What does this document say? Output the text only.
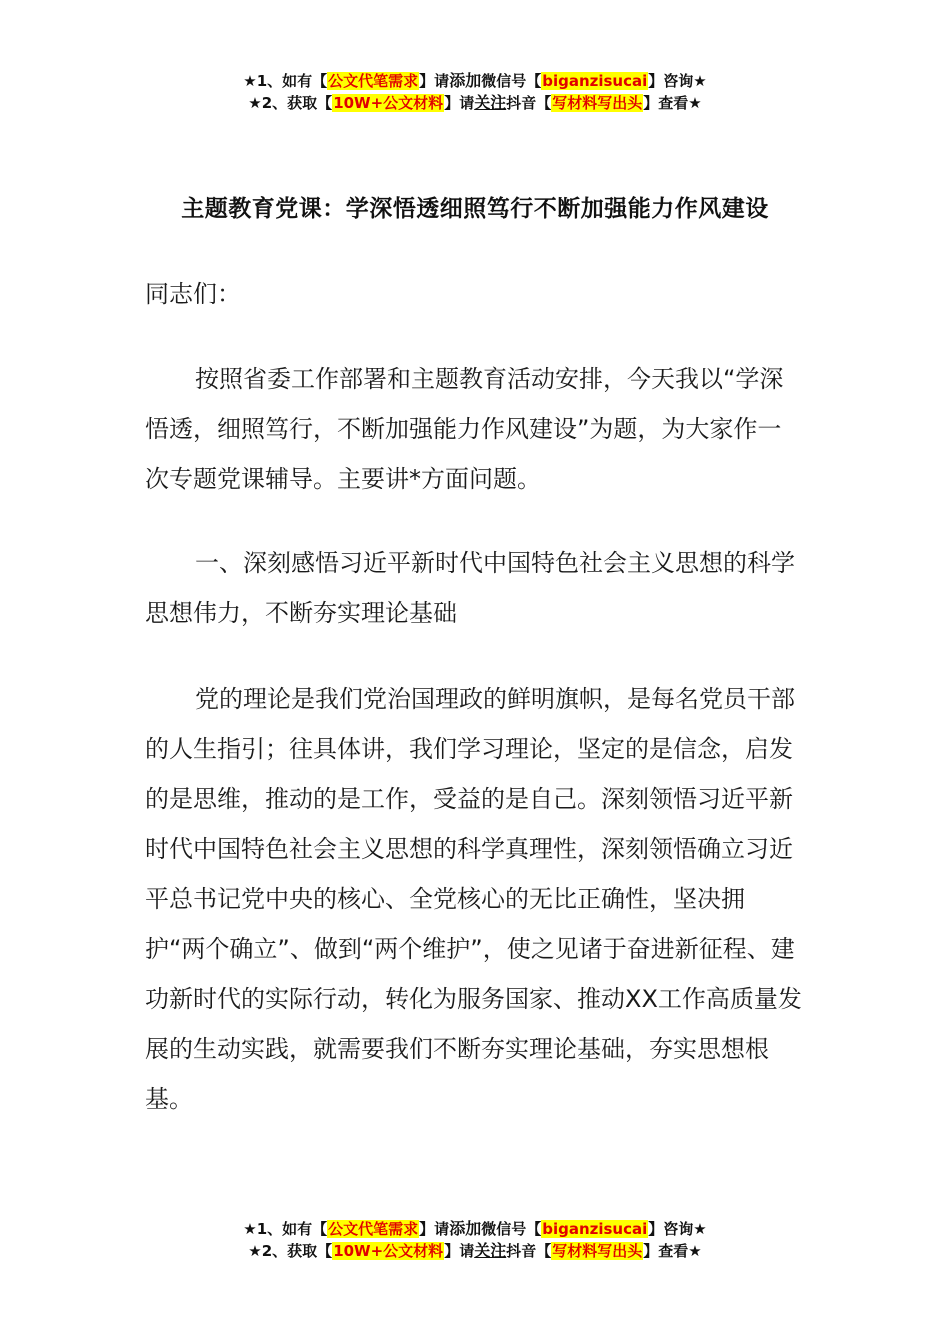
★1、如有【公文代笔需求】请添加微信号【biganzisucai】咨询★
★2、获取【10W+公文材料】请关注抖音【写材料写出头】查看★
主题教育党课：学深悟透细照笃行不断加强能力作风建设

同志们：

按照省委工作部署和主题教育活动安排，今天我以“学深悟透，细照笃行，不断加强能力作风建设”为题，为大家作一次专题党课辅导。主要讲*方面问题。

一、深刻感悟习近平新时代中国特色社会主义思想的科学思想伟力，不断夯实理论基础

党的理论是我们党治国理政的鲜明旗帜，是每名党员干部的人生指引；往具体讲，我们学习理论，坚定的是信念，启发的是思维，推动的是工作，受益的是自己。深刻领悟习近平新时代中国特色社会主义思想的科学真理性，深刻领悟确立习近平总书记党中央的核心、全党核心的无比正确性，坚决拥护“两个确立”、做到“两个维护”，使之见诸于奋进新征程、建功新时代的实际行动，转化为服务国家、推动XX工作高质量发展的生动实践，就需要我们不断夯实理论基础，夯实思想根基。

★1、如有【公文代笔需求】请添加微信号【biganzisucai】咨询★
★2、获取【10W+公文材料】请关注抖音【写材料写出头】查看★
